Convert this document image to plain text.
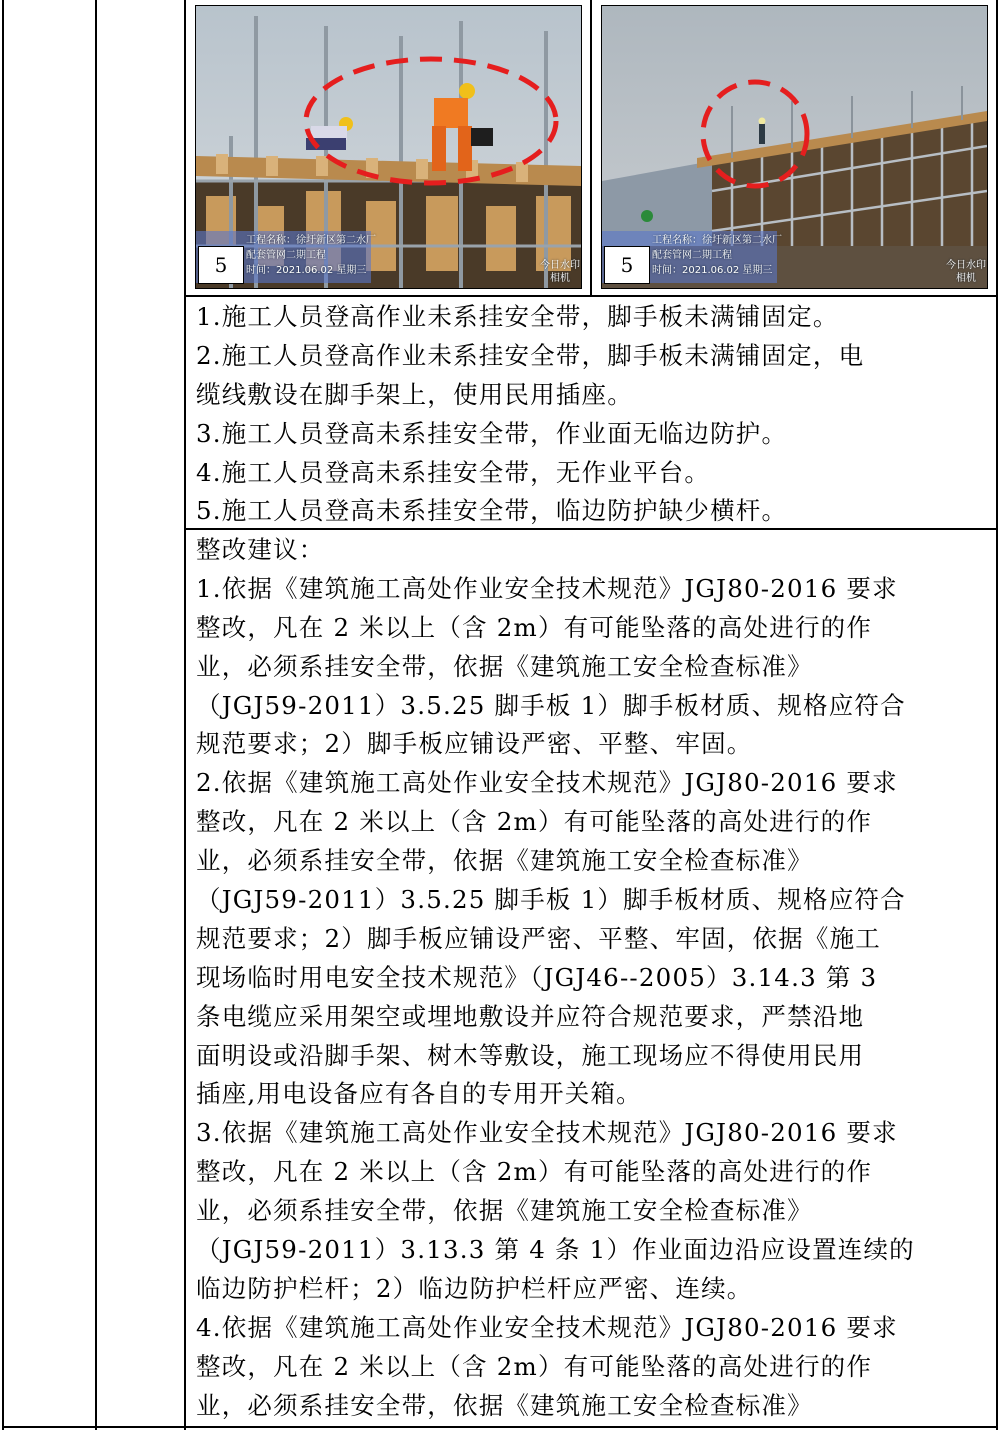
5
工程名称：徐圩新区第二水厂
配套管网二期工程
时间：2021.06.02 星期三	今日水印
相机
5
工程名称：徐圩新区第二水厂
配套管网二期工程
时间：2021.06.02 星期三	今日水印
相机
1.施工人员登高作业未系挂安全带，脚手板未满铺固定。
2.施工人员登高作业未系挂安全带，脚手板未满铺固定，电
缆线敷设在脚手架上，使用民用插座。
3.施工人员登高未系挂安全带，作业面无临边防护。
4.施工人员登高未系挂安全带，无作业平台。
5.施工人员登高未系挂安全带，临边防护缺少横杆。
整改建议：
1.依据《建筑施工高处作业安全技术规范》JGJ80-2016 要求
整改，凡在 2 米以上（含 2m）有可能坠落的高处进行的作
业，必须系挂安全带，依据《建筑施工安全检查标准》
（JGJ59-2011）3.5.25 脚手板 1）脚手板材质、规格应符合
规范要求；2）脚手板应铺设严密、平整、牢固。
2.依据《建筑施工高处作业安全技术规范》JGJ80-2016 要求
整改，凡在 2 米以上（含 2m）有可能坠落的高处进行的作
业，必须系挂安全带，依据《建筑施工安全检查标准》
（JGJ59-2011）3.5.25 脚手板 1）脚手板材质、规格应符合
规范要求；2）脚手板应铺设严密、平整、牢固，依据《施工
现场临时用电安全技术规范》（JGJ46--2005）3.14.3 第 3
条电缆应采用架空或埋地敷设并应符合规范要求，严禁沿地
面明设或沿脚手架、树木等敷设，施工现场应不得使用民用
插座,用电设备应有各自的专用开关箱。
3.依据《建筑施工高处作业安全技术规范》JGJ80-2016 要求
整改，凡在 2 米以上（含 2m）有可能坠落的高处进行的作
业，必须系挂安全带，依据《建筑施工安全检查标准》
（JGJ59-2011）3.13.3 第 4 条 1）作业面边沿应设置连续的
临边防护栏杆；2）临边防护栏杆应严密、连续。
4.依据《建筑施工高处作业安全技术规范》JGJ80-2016 要求
整改，凡在 2 米以上（含 2m）有可能坠落的高处进行的作
业，必须系挂安全带，依据《建筑施工安全检查标准》
